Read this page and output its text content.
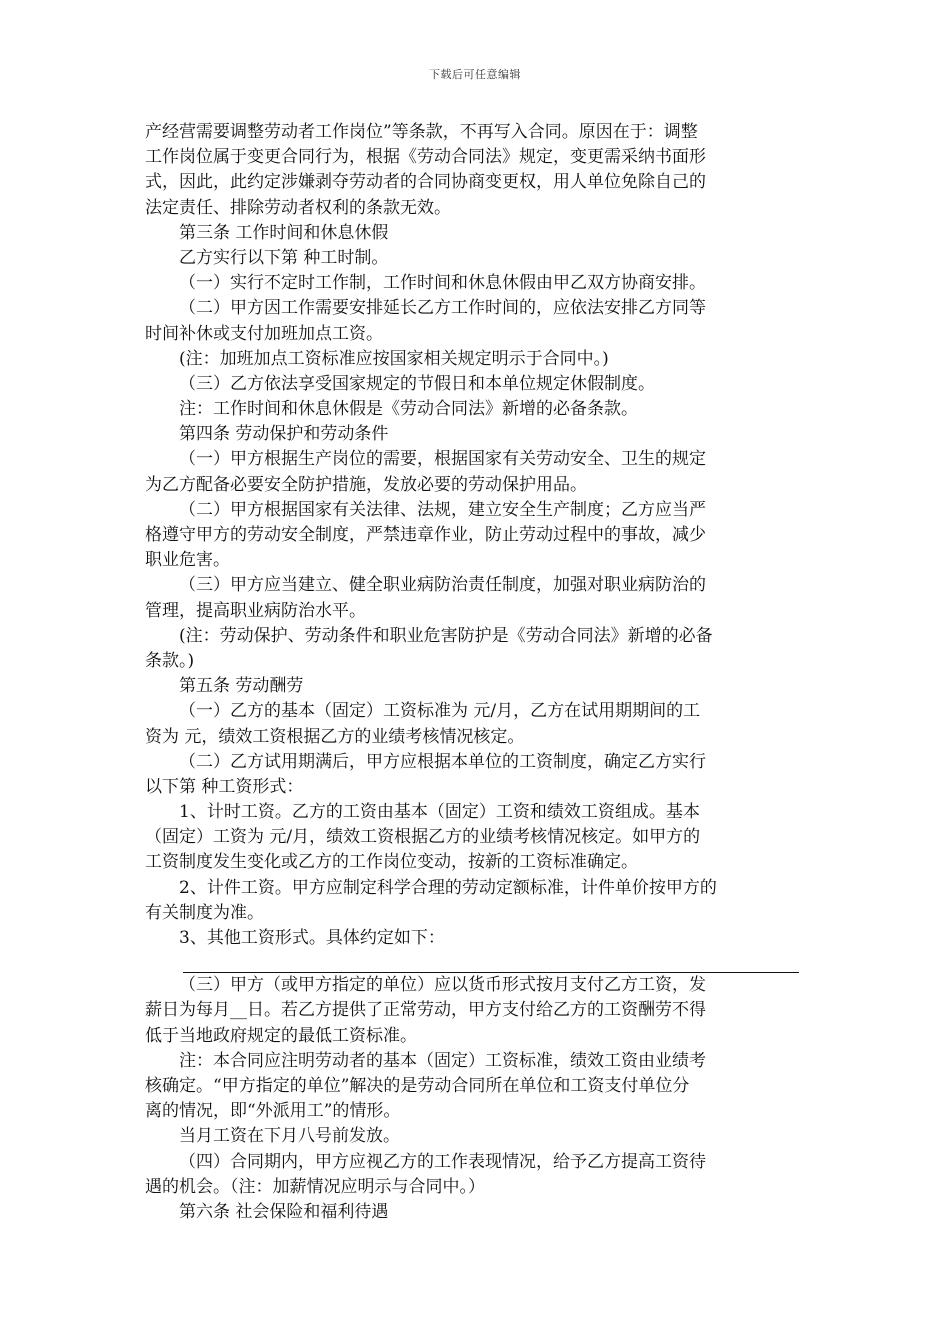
下载后可任意编辑
产经营需要调整劳动者工作岗位”等条款，不再写入合同。原因在于：调整
工作岗位属于变更合同行为，根据《劳动合同法》规定，变更需采纳书面形
式，因此，此约定涉嫌剥夺劳动者的合同协商变更权，用人单位免除自己的
法定责任、排除劳动者权利的条款无效。
第三条 工作时间和休息休假
乙方实行以下第 种工时制。
（一）实行不定时工作制，工作时间和休息休假由甲乙双方协商安排。
（二）甲方因工作需要安排延长乙方工作时间的，应依法安排乙方同等
时间补休或支付加班加点工资。
(注：加班加点工资标准应按国家相关规定明示于合同中。)
（三）乙方依法享受国家规定的节假日和本单位规定休假制度。
注：工作时间和休息休假是《劳动合同法》新增的必备条款。
第四条 劳动保护和劳动条件
（一）甲方根据生产岗位的需要，根据国家有关劳动安全、卫生的规定
为乙方配备必要安全防护措施，发放必要的劳动保护用品。
（二）甲方根据国家有关法律、法规，建立安全生产制度；乙方应当严
格遵守甲方的劳动安全制度，严禁违章作业，防止劳动过程中的事故，减少
职业危害。
（三）甲方应当建立、健全职业病防治责任制度，加强对职业病防治的
管理，提高职业病防治水平。
(注：劳动保护、劳动条件和职业危害防护是《劳动合同法》新增的必备
条款。)
第五条 劳动酬劳
（一）乙方的基本（固定）工资标准为 元/月，乙方在试用期期间的工
资为 元，绩效工资根据乙方的业绩考核情况核定。
（二）乙方试用期满后，甲方应根据本单位的工资制度，确定乙方实行
以下第 种工资形式：
1、计时工资。乙方的工资由基本（固定）工资和绩效工资组成。基本
（固定）工资为 元/月，绩效工资根据乙方的业绩考核情况核定。如甲方的
工资制度发生变化或乙方的工作岗位变动，按新的工资标准确定。
2、计件工资。甲方应制定科学合理的劳动定额标准，计件单价按甲方的
有关制度为准。
3、其他工资形式。具体约定如下：
（三）甲方（或甲方指定的单位）应以货币形式按月支付乙方工资，发
薪日为每月__日。若乙方提供了正常劳动，甲方支付给乙方的工资酬劳不得
低于当地政府规定的最低工资标准。
注：本合同应注明劳动者的基本（固定）工资标准，绩效工资由业绩考
核确定。“甲方指定的单位”解决的是劳动合同所在单位和工资支付单位分
离的情况，即“外派用工”的情形。
当月工资在下月八号前发放。
（四）合同期内，甲方应视乙方的工作表现情况，给予乙方提高工资待
遇的机会。（注：加薪情况应明示与合同中。）
第六条 社会保险和福利待遇
